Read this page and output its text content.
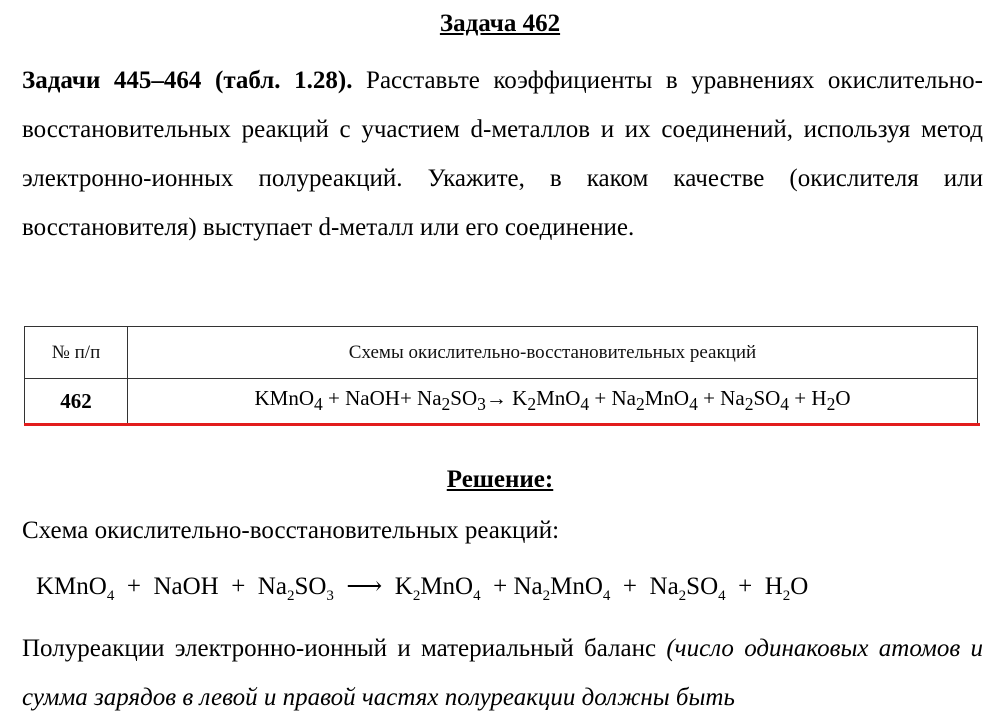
Задача 462
Задачи 445–464 (табл. 1.28). Расставьте коэффициенты в уравнениях окислительно-восстановительных реакций с участием d-металлов и их соединений, используя метод электронно-ионных полуреакций. Укажите, в каком качестве (окислителя или восстановителя) выступает d-металл или его соединение.
№ п/п	Схемы окислительно-восстановительных реакций
462	KMnO$_4$ + NaOH+ $Na_2SO_3\to K_2MnO_4 + Na_2MnO_4 + Na_2SO_4 + H_2O$
Решение:
Схема окислительно-восстановительных реакций:
KMnO$_4$  +  NaOH  +  $Na_2SO_3$  ⟶  $K_2MnO_4 + Na_2MnO_4 + Na_2SO_4 + H_2O$
Полуреакции электронно-ионный и материальный баланс (число одинаковых атомов и сумма зарядов в левой и правой частях полуреакции должны быть
